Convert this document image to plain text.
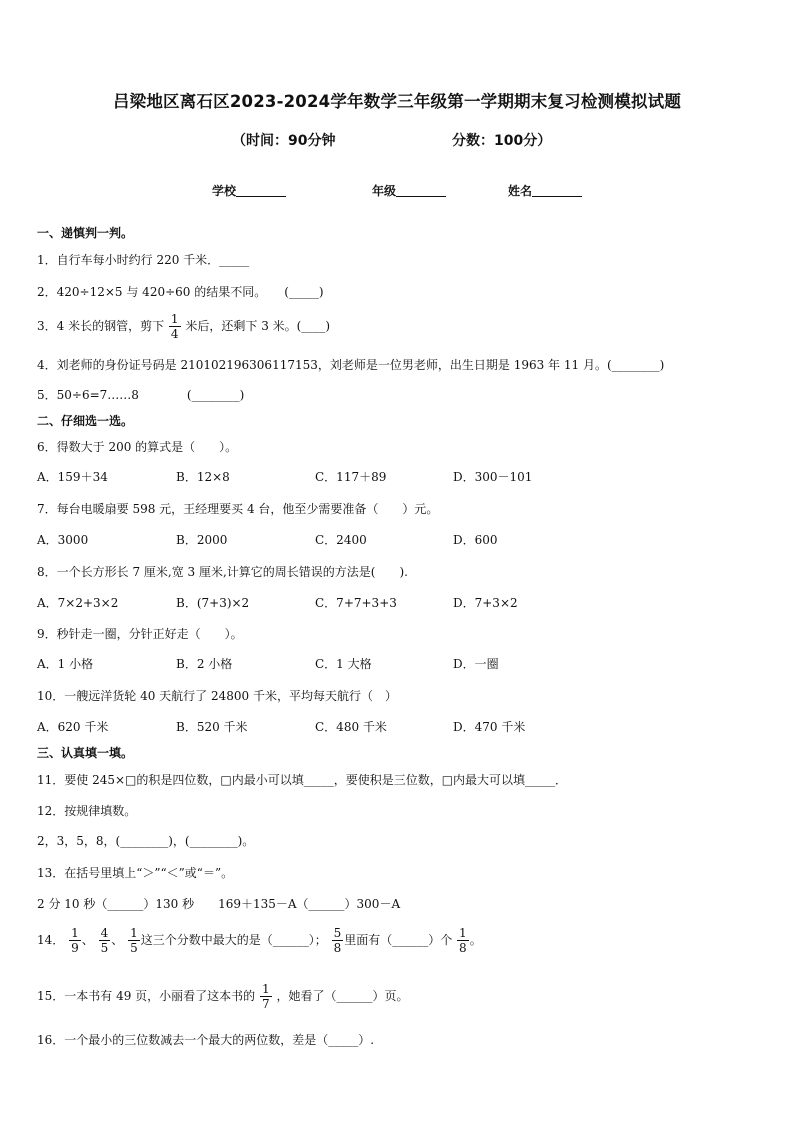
吕梁地区离石区2023-2024学年数学三年级第一学期期末复习检测模拟试题
（时间：90分钟	分数：100分）
学校	年级	姓名
一、递慎判一判。
1．自行车每小时约行 220 千米．_____
2．420÷12×5 与 420÷60 的结果不同。　　(_____)
3．4 米长的钢管，剪下 $\frac{1}{4}$ 米后，还剩下 3 米。(____)
4．刘老师的身份证号码是 210102196306117153，刘老师是一位男老师，出生日期是 1963 年 11 月。(________)
5．50÷6=7……8　　　　(________)
二、仔细选一选。
6．得数大于 200 的算式是（　　）。
A．159＋34	B．12×8	C．117＋89	D．300－101
7．每台电暖扇要 598 元，王经理要买 4 台，他至少需要准备（　　）元。
A．3000	B．2000	C．2400	D．600
8．一个长方形长 7 厘米,宽 3 厘米,计算它的周长错误的方法是(　　).
A．7×2+3×2	B．(7+3)×2	C．7+7+3+3	D．7+3×2
9．秒针走一圈，分针正好走（　　）。
A．1 小格	B．2 小格	C．1 大格	D．一圈
10．一艘远洋货轮 40 天航行了 24800 千米，平均每天航行（　）
A．620 千米	B．520 千米	C．480 千米	D．470 千米
三、认真填一填。
11．要使 245×□的积是四位数，□内最小可以填_____，要使积是三位数，□内最大可以填_____．
12．按规律填数。
2，3，5，8，(________)，(________)。
13．在括号里填上“＞”“＜”或“＝”。
2 分 10 秒（______）130 秒　　169＋135－A（______）300－A
14． $\frac{1}{9}$ 、 $\frac{4}{5}$ 、 $\frac{1}{5}$ 这三个分数中最大的是（______）； $\frac{5}{8}$ 里面有（______）个 $\frac{1}{8}$ 。
15．一本书有 49 页，小丽看了这本书的 $\frac{1}{7}$ ，她看了（______）页。
16．一个最小的三位数减去一个最大的两位数，差是（_____）.
